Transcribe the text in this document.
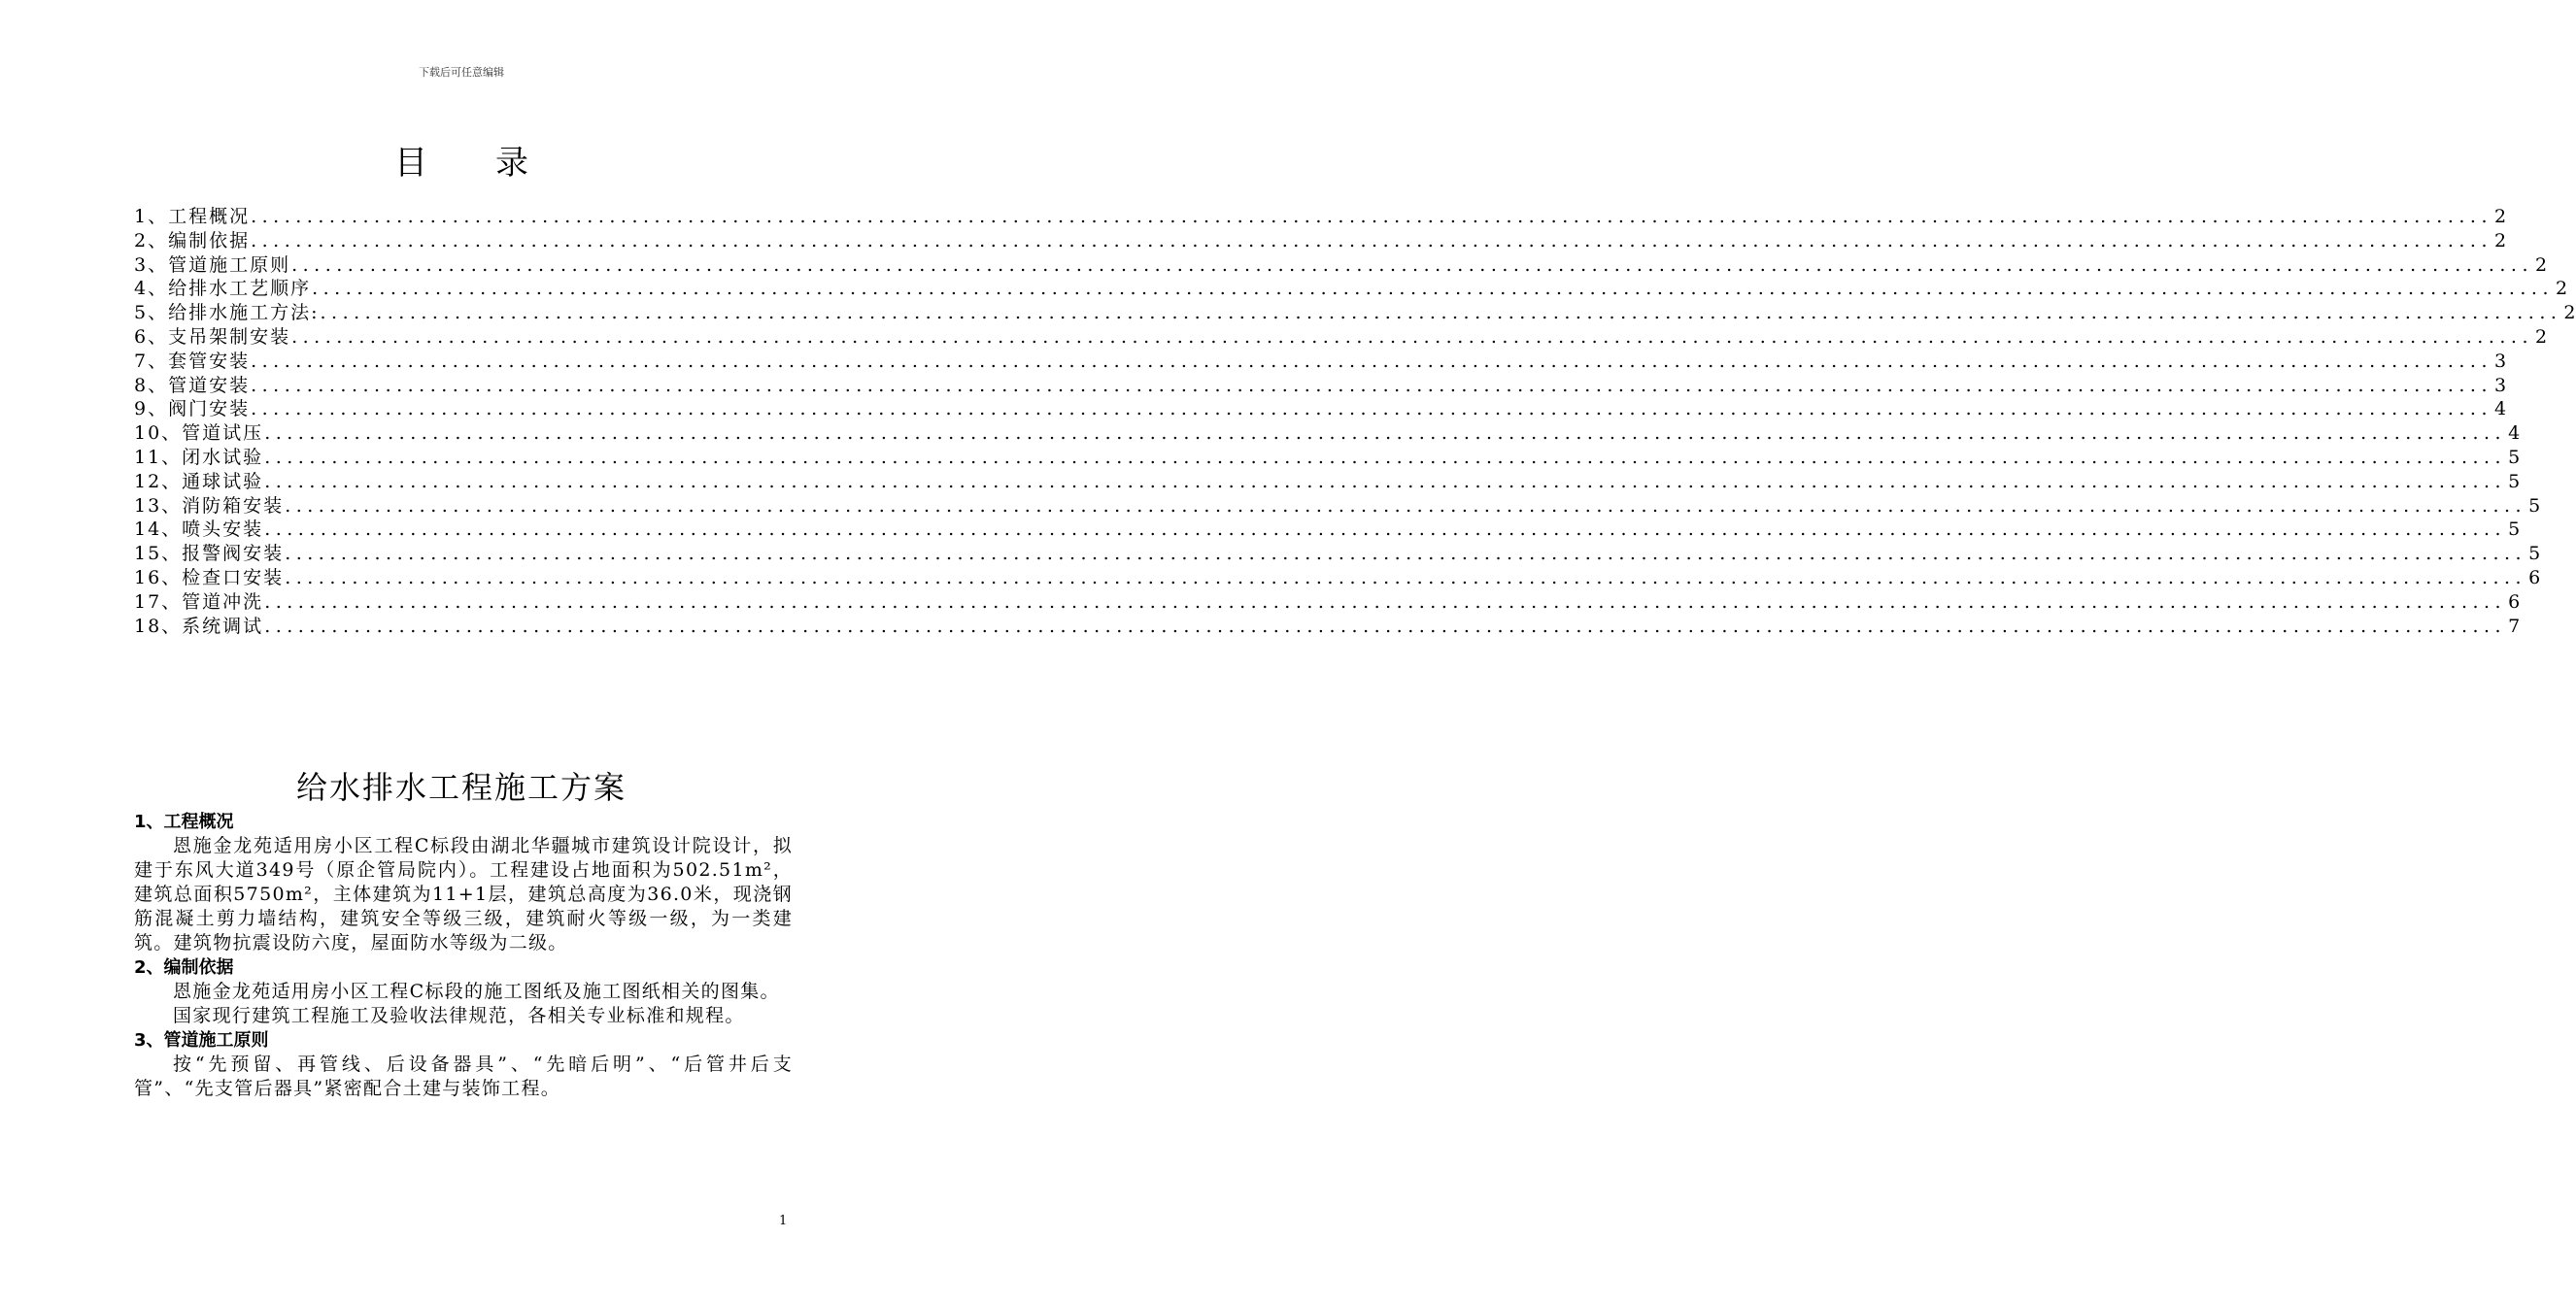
下载后可任意编辑
目录
1、工程概况 ........................................................................................................................................................................................................ 2
2、编制依据 ........................................................................................................................................................................................................ 2
3、管道施工原则 ........................................................................................................................................................................................................ 2
4、给排水工艺顺序 ........................................................................................................................................................................................................ 2
5、给排水施工方法: ........................................................................................................................................................................................................ 2
6、支吊架制安装 ........................................................................................................................................................................................................ 2
7、套管安装 ........................................................................................................................................................................................................ 3
8、管道安装 ........................................................................................................................................................................................................ 3
9、阀门安装 ........................................................................................................................................................................................................ 4
10、管道试压 ........................................................................................................................................................................................................ 4
11、闭水试验 ........................................................................................................................................................................................................ 5
12、通球试验 ........................................................................................................................................................................................................ 5
13、消防箱安装 ........................................................................................................................................................................................................ 5
14、喷头安装 ........................................................................................................................................................................................................ 5
15、报警阀安装 ........................................................................................................................................................................................................ 5
16、检查口安装 ........................................................................................................................................................................................................ 6
17、管道冲洗 ........................................................................................................................................................................................................ 6
18、系统调试 ........................................................................................................................................................................................................ 7
给水排水工程施工方案
1、工程概况

恩施金龙苑适用房小区工程C标段由湖北华疆城市建筑设计院设计，拟建于东风大道349号（原企管局院内）。工程建设占地面积为502.51m²，建筑总面积5750m²，主体建筑为11+1层，建筑总高度为36.0米，现浇钢筋混凝土剪力墙结构，建筑安全等级三级，建筑耐火等级一级，为一类建筑。建筑物抗震设防六度，屋面防水等级为二级。

2、编制依据

恩施金龙苑适用房小区工程C标段的施工图纸及施工图纸相关的图集。

国家现行建筑工程施工及验收法律规范，各相关专业标准和规程。

3、管道施工原则

按“先预留、再管线、后设备器具”、“先暗后明”、“后管井后支管”、“先支管后器具”紧密配合土建与装饰工程。

1
